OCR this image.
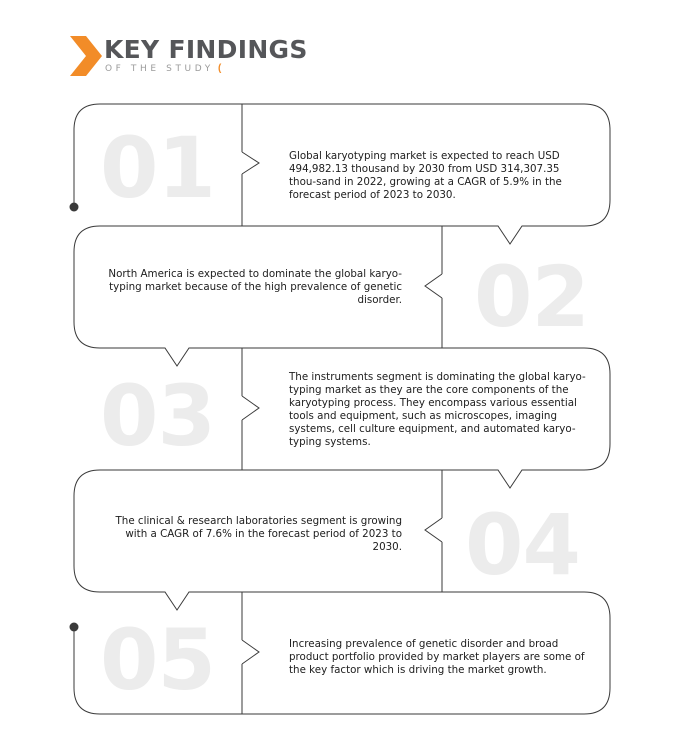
KEY FINDINGS
OF THE STUDY (
01	Global karyotyping market is expected to reach USD 494,982.13 thousand by 2030 from USD 314,307.35 thou-sand in 2022, growing at a CAGR of 5.9% in the forecast period of 2023 to 2030.
02
North America is expected to dominate the global karyo-typing market because of the high prevalence of genetic disorder.
03	The instruments segment is dominating the global karyo-typing market as they are the core components of the karyotyping process. They encompass various essential tools and equipment, such as microscopes, imaging systems, cell culture equipment, and automated karyo-typing systems.
04
The clinical & research laboratories segment is growing with a CAGR of 7.6% in the forecast period of 2023 to 2030.
05	Increasing prevalence of genetic disorder and broad product portfolio provided by market players are some of the key factor which is driving the market growth.
